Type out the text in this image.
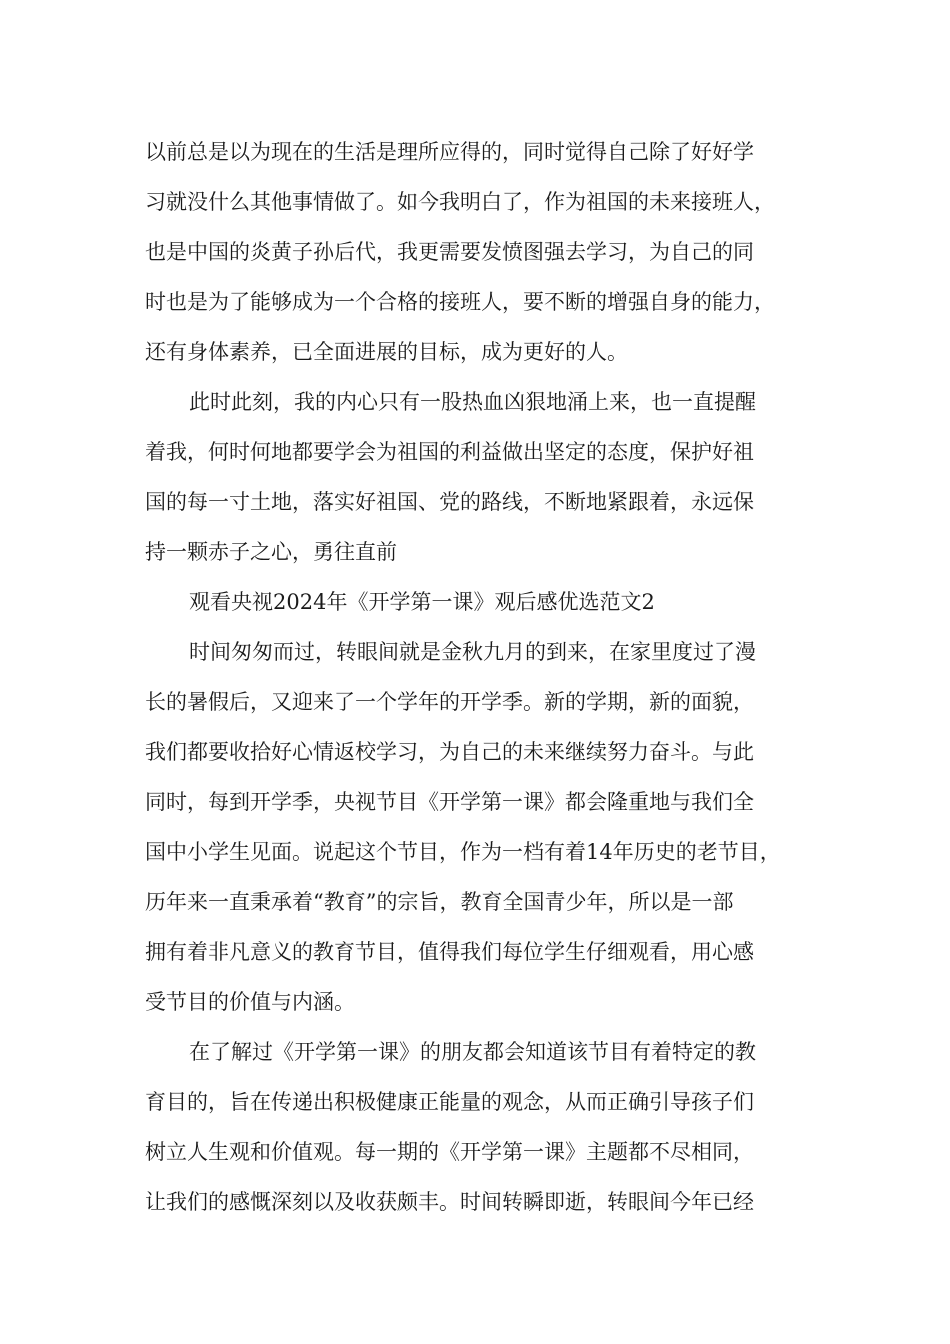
以前总是以为现在的生活是理所应得的，同时觉得自己除了好好学
习就没什么其他事情做了。如今我明白了，作为祖国的未来接班人，
也是中国的炎黄子孙后代，我更需要发愤图强去学习，为自己的同
时也是为了能够成为一个合格的接班人，要不断的增强自身的能力，
还有身体素养，已全面进展的目标，成为更好的人。
此时此刻，我的内心只有一股热血凶狠地涌上来，也一直提醒
着我，何时何地都要学会为祖国的利益做出坚定的态度，保护好祖
国的每一寸土地，落实好祖国、党的路线，不断地紧跟着，永远保
持一颗赤子之心，勇往直前
观看央视2024年《开学第一课》观后感优选范文2
时间匆匆而过，转眼间就是金秋九月的到来，在家里度过了漫
长的暑假后，又迎来了一个学年的开学季。新的学期，新的面貌，
我们都要收拾好心情返校学习，为自己的未来继续努力奋斗。与此
同时，每到开学季，央视节目《开学第一课》都会隆重地与我们全
国中小学生见面。说起这个节目，作为一档有着14年历史的老节目，
历年来一直秉承着“教育”的宗旨，教育全国青少年，所以是一部
拥有着非凡意义的教育节目，值得我们每位学生仔细观看，用心感
受节目的价值与内涵。
在了解过《开学第一课》的朋友都会知道该节目有着特定的教
育目的，旨在传递出积极健康正能量的观念，从而正确引导孩子们
树立人生观和价值观。每一期的《开学第一课》主题都不尽相同，
让我们的感慨深刻以及收获颇丰。时间转瞬即逝，转眼间今年已经
